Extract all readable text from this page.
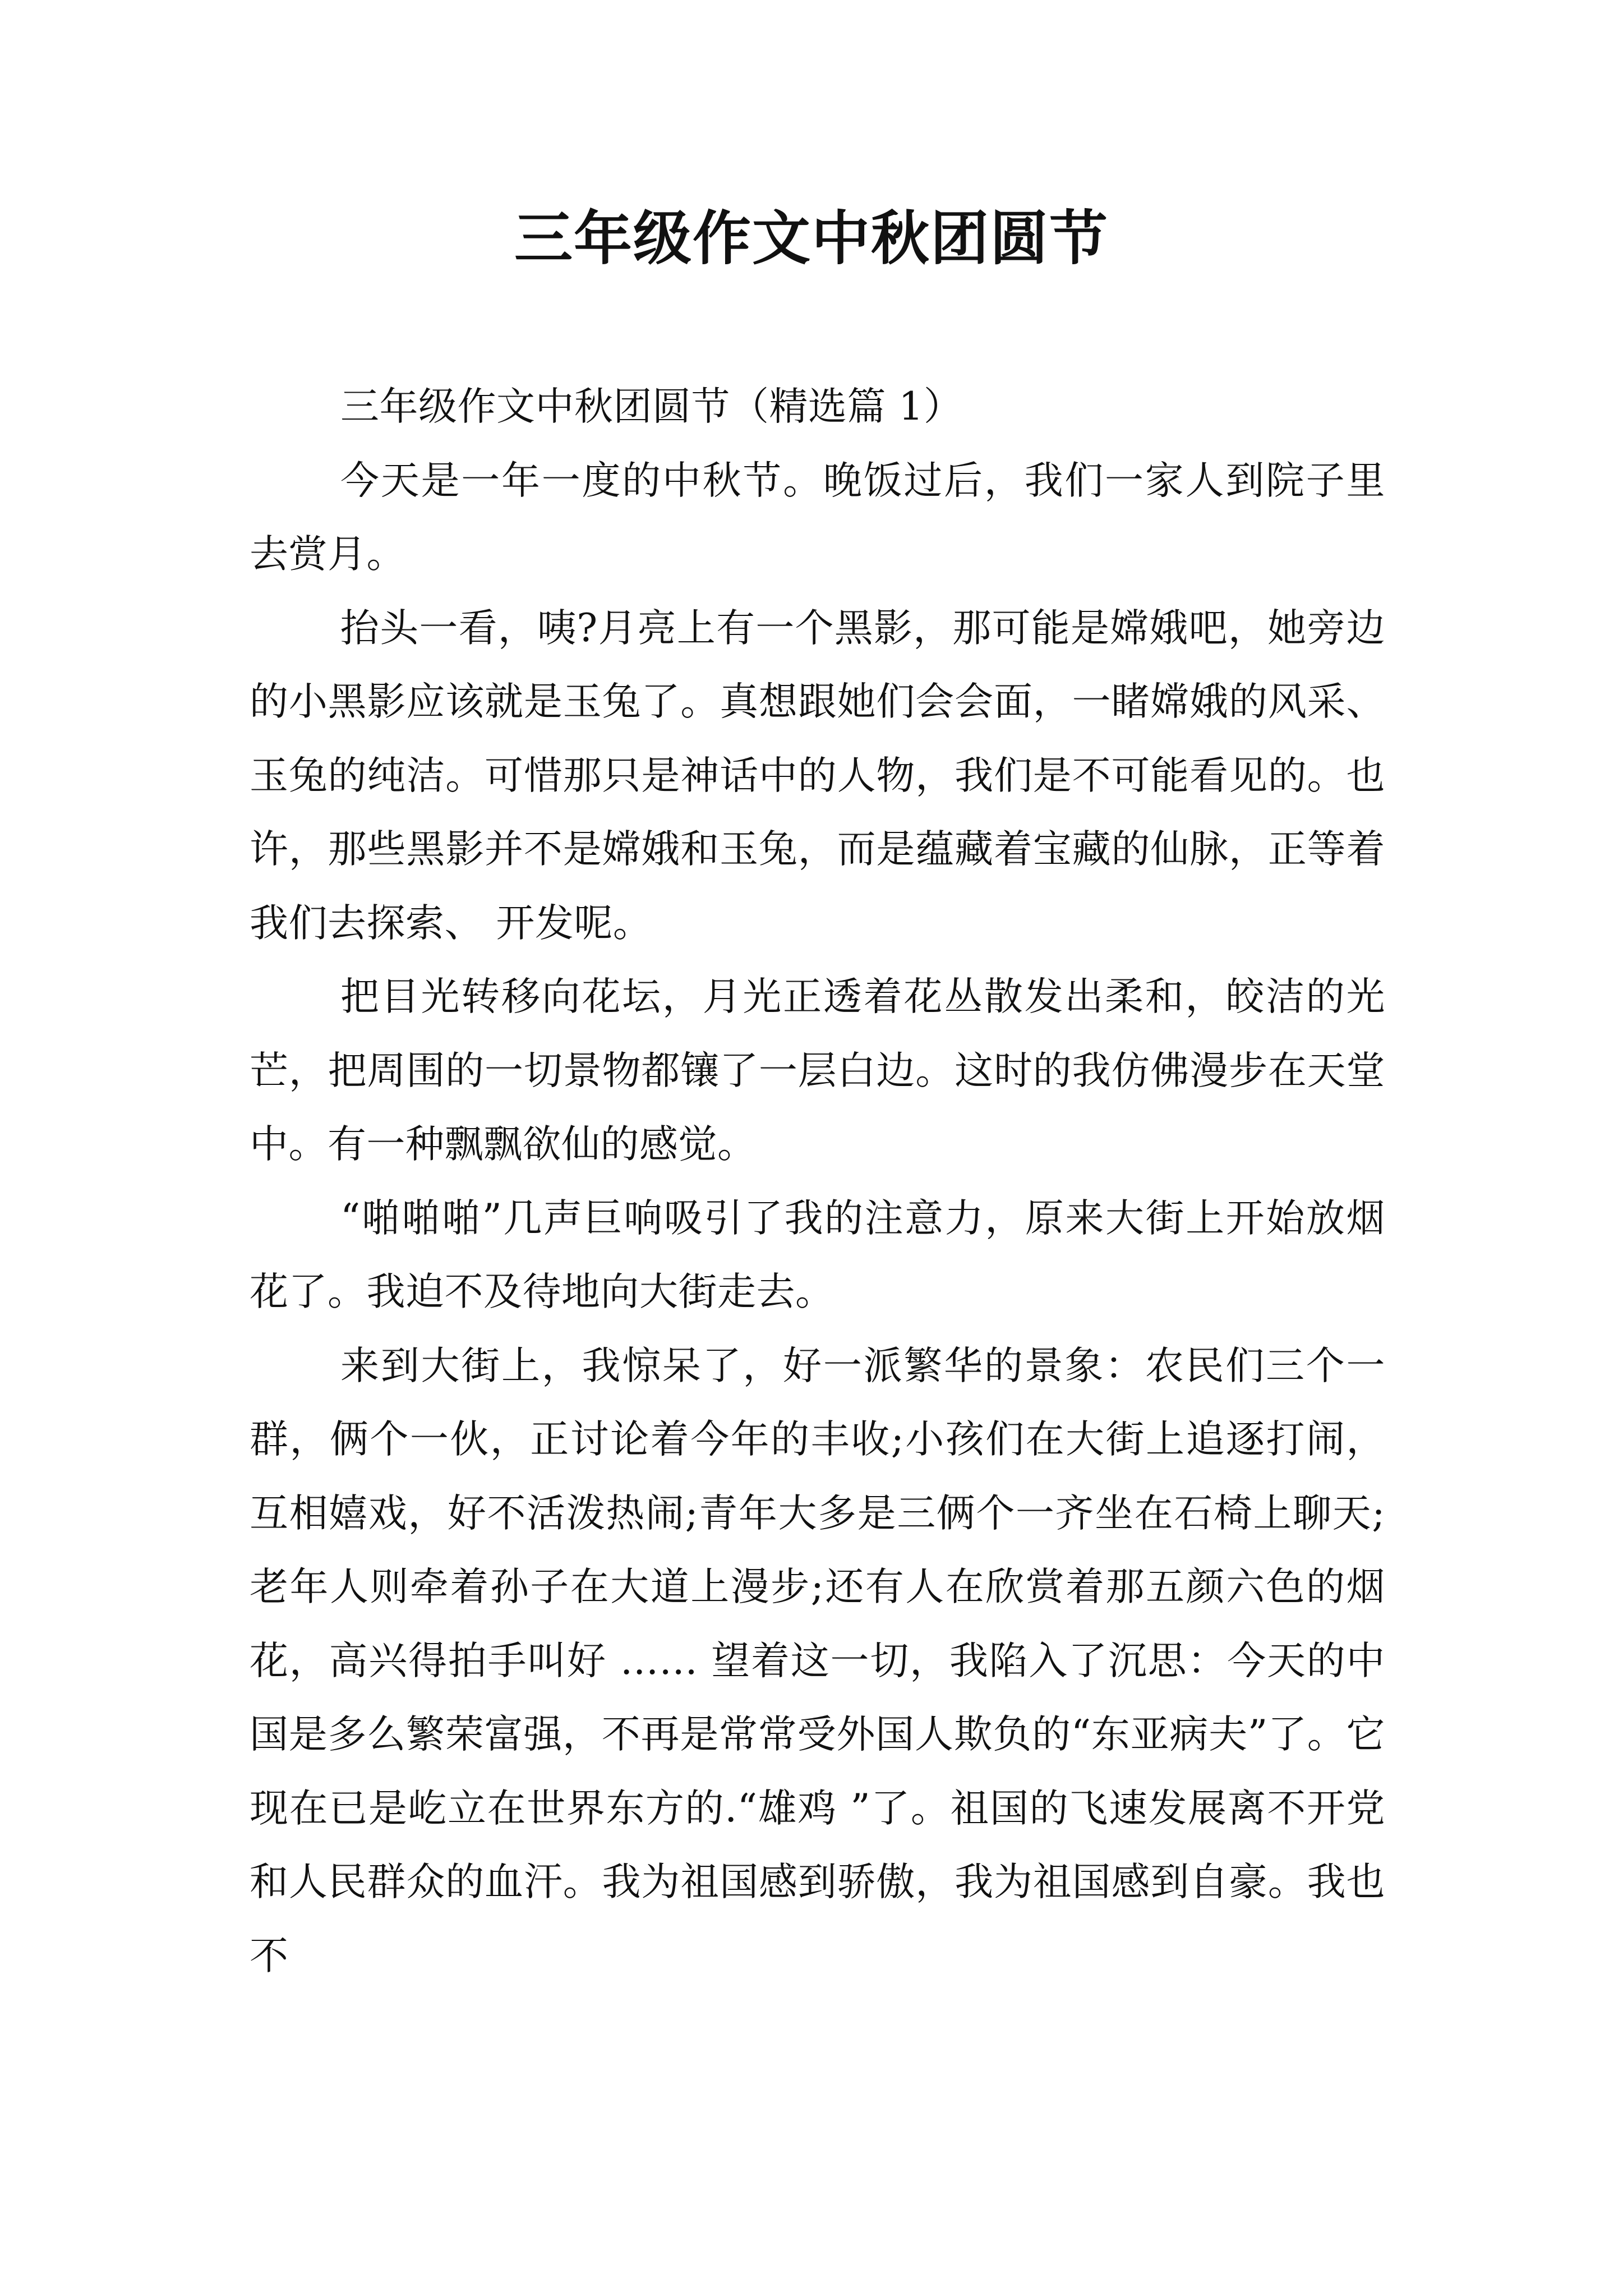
三年级作文中秋团圆节

三年级作文中秋团圆节（精选篇 1）

今天是一年一度的中秋节。晚饭过后，我们一家人到院子里去赏月。

抬头一看，咦?月亮上有一个黑影，那可能是嫦娥吧，她旁边的小黑影应该就是玉兔了。真想跟她们会会面，一睹嫦娥的风采、 玉兔的纯洁。可惜那只是神话中的人物，我们是不可能看见的。也许，那些黑影并不是嫦娥和玉兔，而是蕴藏着宝藏的仙脉，正等着我们去探索、 开发呢。

把目光转移向花坛，月光正透着花丛散发出柔和，皎洁的光芒，把周围的一切景物都镶了一层白边。这时的我仿佛漫步在天堂中。有一种飘飘欲仙的感觉。

“啪啪啪”几声巨响吸引了我的注意力，原来大街上开始放烟花了。我迫不及待地向大街走去。

来到大街上，我惊呆了，好一派繁华的景象：农民们三个一群，俩个一伙，正讨论着今年的丰收;小孩们在大街上追逐打闹，互相嬉戏，好不活泼热闹;青年大多是三俩个一齐坐在石椅上聊天;老年人则牵着孙子在大道上漫步;还有人在欣赏着那五颜六色的烟花，高兴得拍手叫好 …… 望着这一切，我陷入了沉思：今天的中国是多么繁荣富强，不再是常常受外国人欺负的“东亚病夫”了。它现在已是屹立在世界东方的.“雄鸡 ”了。祖国的飞速发展离不开党和人民群众的血汗。我为祖国感到骄傲，我为祖国感到自豪。我也不
